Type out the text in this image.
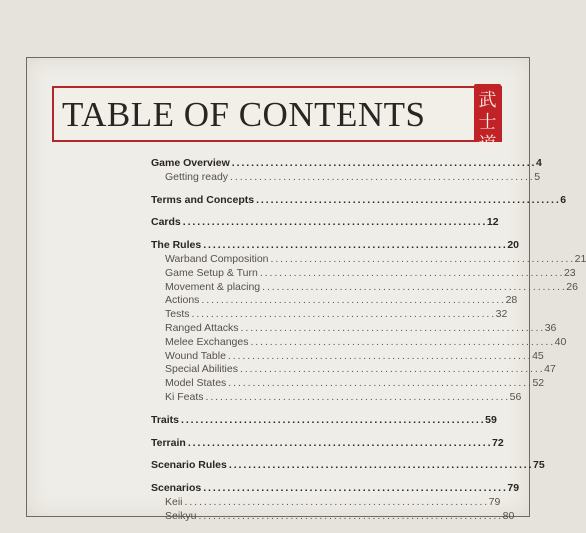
TABLE OF CONTENTS	武
士
道
Game Overview . . .	4
Getting ready . . .	5
Terms and Concepts . . .	6
Cards . . .	12
The Rules . . .	20
Warband Composition . . .	21
Game Setup & Turn . . .	23
Movement & placing . . .	26
Actions . . .	28
Tests . . .	32
Ranged Attacks . . .	36
Melee Exchanges . . .	40
Wound Table . . .	45
Special Abilities . . .	47
Model States . . .	52
Ki Feats . . .	56
Traits . . .	59
Terrain . . .	72
Scenario Rules . . .	75
Scenarios . . .	79
Keii . . .	79
Seikyu . . .	80
